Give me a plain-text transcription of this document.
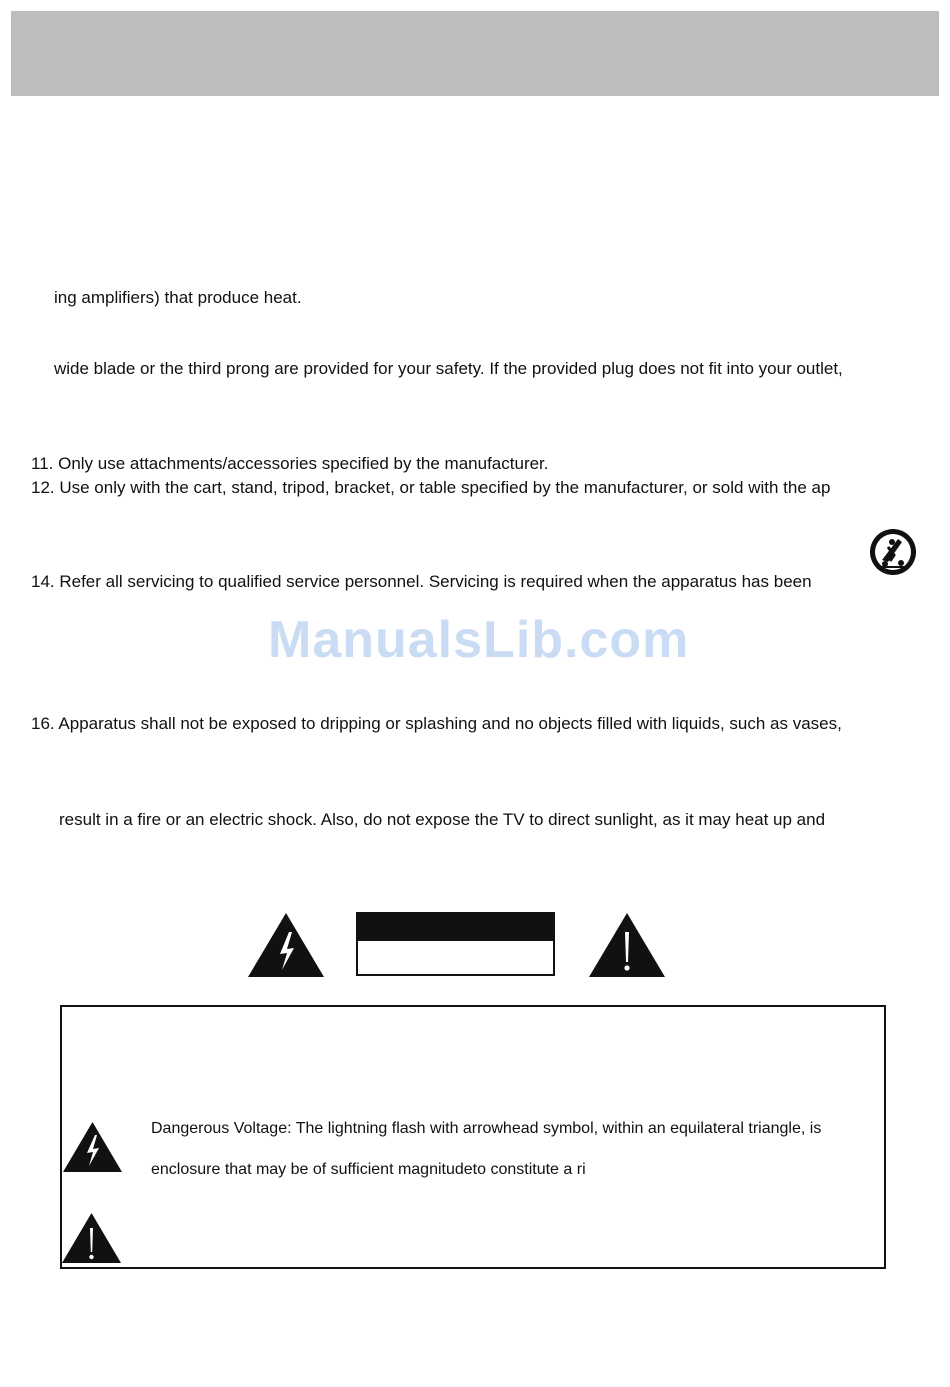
ing amplifiers) that produce heat.
wide blade or the third prong are provided for your safety. If the provided plug does not fit into your outlet,
11. Only use attachments/accessories specified by the manufacturer.
12. Use only with the cart, stand, tripod, bracket, or table specified by the manufacturer, or sold with the ap
14. Refer all servicing to qualified service personnel. Servicing is required when the apparatus has been
ManualsLib.com
16. Apparatus shall not be exposed to dripping or splashing and no objects filled with liquids, such as vases,
result in a fire or an electric shock. Also, do not expose the TV to direct sunlight, as it may heat up and
Dangerous Voltage: The lightning flash with arrowhead symbol, within an equilateral triangle, is
enclosure that may be of sufficient magnitudeto constitute a ri
